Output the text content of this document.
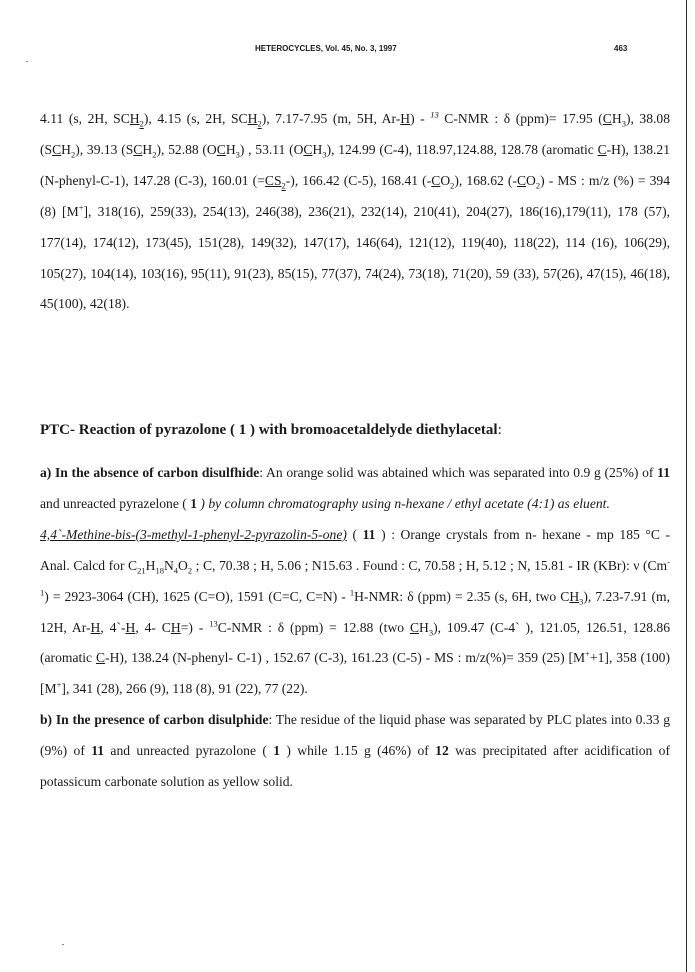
HETEROCYCLES, Vol. 45, No. 3, 1997	463

4.11 (s, 2H, $SCH_2$), 4.15 (s, 2H, $SCH_2$), 7.17-7.95 (m, 5H, Ar-H) - $^{13}$ C-NMR : δ (ppm)= 17.95 $(CH_3)$, 38.08 $(SCH_2)$, 39.13 $(SCH_2)$, 52.88 $(OCH_3)$ , 53.11 $(OCH_3)$, 124.99 (C-4), 118.97,124.88, 128.78 (aromatic C-H), 138.21 (N-phenyl-C-1), 147.28 (C-3), 160.01 $(=CS_2-)$, 166.42 (C-5), 168.41 $(-CO_2)$, 168.62 $(-CO_2)$ - MS : m/z (%) = 394 (8) [M+], 318(16), 259(33), 254(13), 246(38), 236(21), 232(14), 210(41), 204(27), 186(16),179(11), 178 (57), 177(14), 174(12), 173(45), 151(28), 149(32), 147(17), 146(64), 121(12), 119(40), 118(22), 114 (16), 106(29), 105(27), 104(14), 103(16), 95(11), 91(23), 85(15), 77(37), 74(24), 73(18), 71(20), 59 (33), 57(26), 47(15), 46(18), 45(100), 42(18).

PTC- Reaction of pyrazolone ( 1 ) with bromoacetaldelyde diethylacetal:

a) In the absence of carbon disulfhide: An orange solid was abtained which was separated into 0.9 g (25%) of 11 and unreacted pyrazelone ( 1 ) by column chromatography using n-hexane / ethyl acetate (4:1) as eluent.

4,4`-Methine-bis-(3-methyl-1-phenyl-2-pyrazolin-5-one) ( 11 ) : Orange crystals from n- hexane - mp 185 °C - Anal. Calcd for $C_{21}H_{18}N_4O_2$ ; C, 70.38 ; H, 5.06 ; N15.63 . Found : C, 70.58 ; H, 5.12 ; N, 15.81 - IR (KBr): ν $(Cm^{-1}) = 2923-3064$ (CH), 1625 (C=O), 1591 (C=C, C=N) - $^1$H-NMR: δ (ppm) = 2.35 (s, 6H, two $CH_3$), 7.23-7.91 (m, 12H, Ar-H, 4`-H, 4- CH=) - $^{13}$C-NMR : δ (ppm) = 12.88 (two $CH_3$), 109.47 (C-4` ), 121.05, 126.51, 128.86 (aromatic C-H), 138.24 (N-phenyl- C-1) , 152.67 (C-3), 161.23 (C-5) - MS : m/z(%)= 359 (25) [M++1], 358 (100) [M+], 341 (28), 266 (9), 118 (8), 91 (22), 77 (22).

b) In the presence of carbon disulphide: The residue of the liquid phase was separated by PLC plates into 0.33 g (9%) of 11 and unreacted pyrazolone ( 1 ) while 1.15 g (46%) of 12 was precipitated after acidification of potassicum carbonate solution as yellow solid.
